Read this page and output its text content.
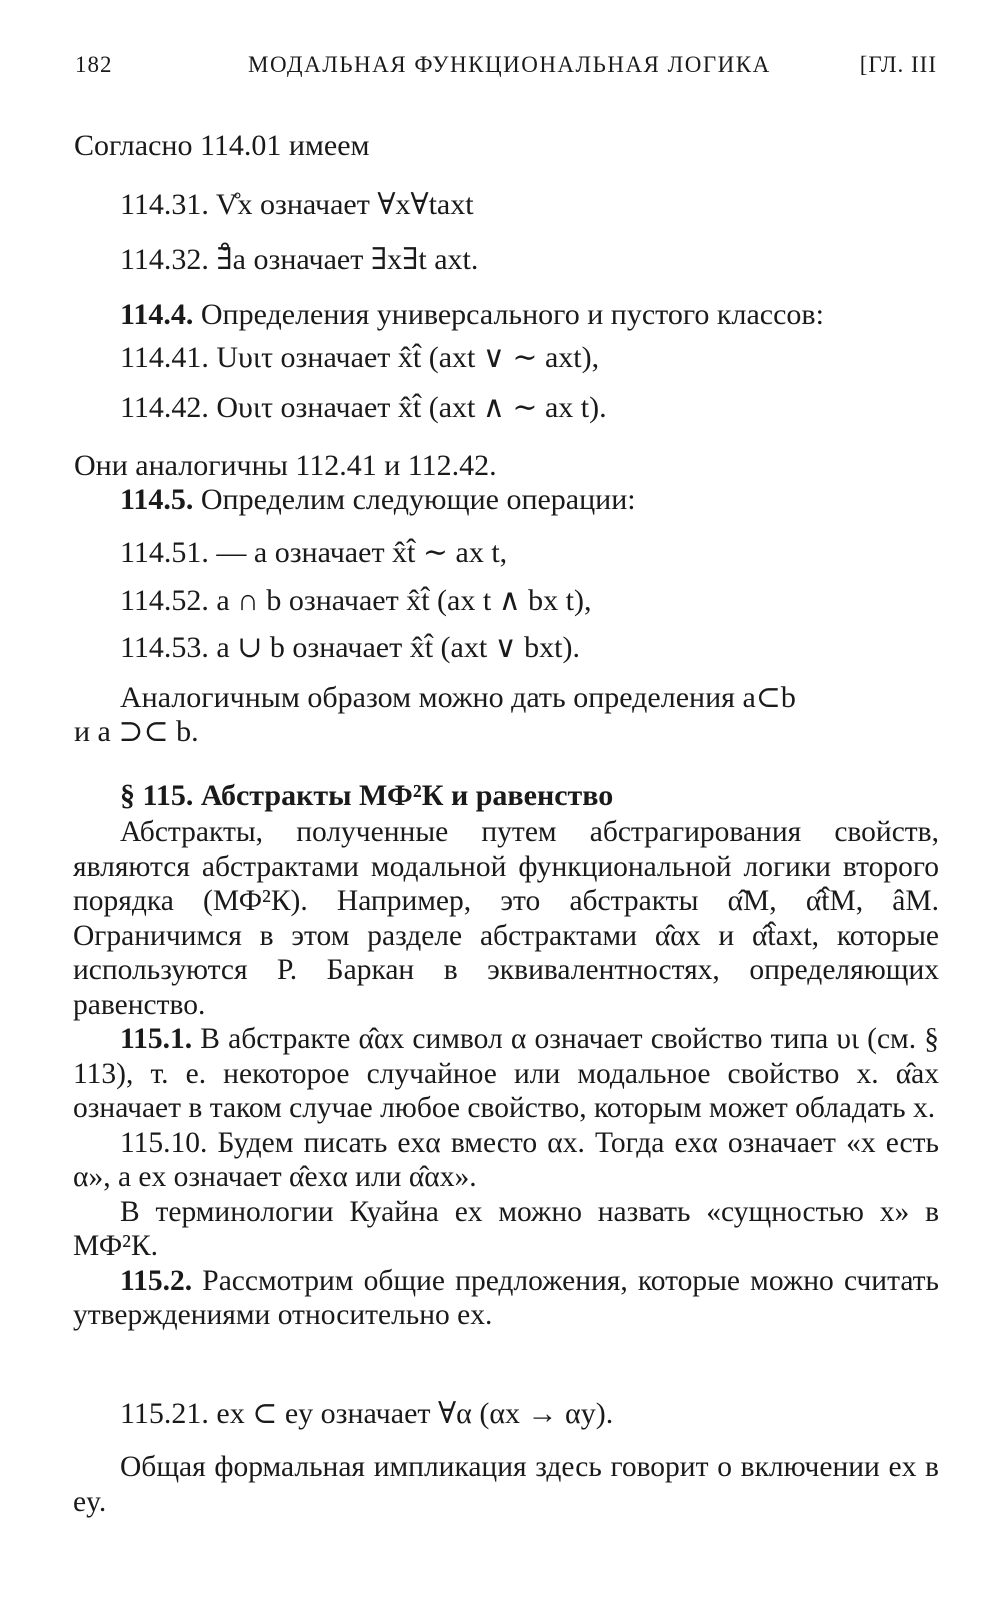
182	МОДАЛЬНАЯ ФУНКЦИОНАЛЬНАЯ ЛОГИКА	[ГЛ. III
Согласно 114.01 имеем
114.31. V̊x означает ∀x∀taxt
114.32. ∃̊a означает ∃x∃t axt.
114.4. Определения универсального и пустого классов:
114.41. Uυιτ означает x̂t̂ (axt ∨ ∼ axt),
114.42. Oυιτ означает x̂t̂ (axt ∧ ∼ ax t).
Они аналогичны 112.41 и 112.42.
114.5. Определим следующие операции:
114.51. — a означает x̂t̂ ∼ ax t,
114.52. a ∩ b означает x̂t̂ (ax t ∧ bx t),
114.53. a ∪ b означает x̂t̂ (axt ∨ bxt).
Аналогичным образом можно дать определения a⊂b
и a ⊃⊂ b.
§ 115. Абстракты МФ²К и равенство

Абстракты, полученные путем абстрагирования свойств, являются абстрактами модальной функциональной логики второго порядка (МФ²К). Например, это абстракты α̂M, α̂t̂M, âM. Ограничимся в этом разделе абстрактами α̂αx и α̂t̂axt, которые используются Р. Баркан в эквивалентностях, определяющих равенство.

115.1. В абстракте α̂αx символ α означает свойство типа υι (см. § 113), т. е. некоторое случайное или модальное свойство x. α̂ax означает в таком случае любое свойство, которым может обладать x.

115.10. Будем писать exα вместо αx. Тогда exα означает «x есть α», а ex означает α̂exα или α̂αx».

В терминологии Куайна ex можно назвать «сущностью x» в МФ²К.

115.2. Рассмотрим общие предложения, которые можно считать утверждениями относительно ex.

115.21. ex ⊂ ey означает ∀α (αx → αy).

Общая формальная импликация здесь говорит о включении ex в ey.
